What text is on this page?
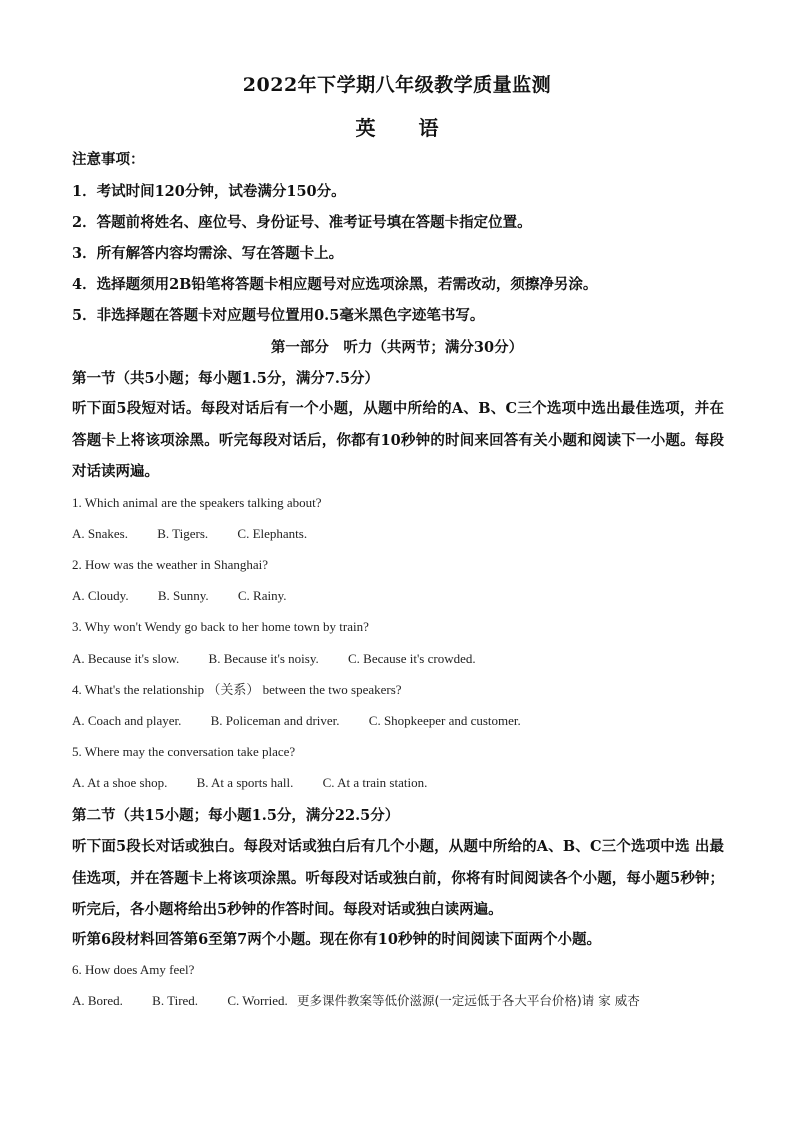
2022年下学期八年级教学质量监测
英 语
注意事项：
1．考试时间120分钟，试卷满分150分。
2．答题前将姓名、座位号、身份证号、准考证号填在答题卡指定位置。
3．所有解答内容均需涂、写在答题卡上。
4．选择题须用2B铅笔将答题卡相应题号对应选项涂黑，若需改动，须擦净另涂。
5．非选择题在答题卡对应题号位置用0.5毫米黑色字迹笔书写。
第一部分　听力（共两节；满分30分）
第一节（共5小题；每小题1.5分，满分7.5分）
听下面5段短对话。每段对话后有一个小题，从题中所给的A、B、C三个选项中选出最佳选项，并在答题卡上将该项涂黑。听完每段对话后，你都有10秒钟的时间来回答有关小题和阅读下一小题。每段对话读两遍。
1. Which animal are the speakers talking about?
A. Snakes. B. Tigers. C. Elephants.
2. How was the weather in Shanghai?
A. Cloudy. B. Sunny. C. Rainy.
3. Why won't Wendy go back to her home town by train?
A. Because it's slow. B. Because it's noisy. C. Because it's crowded.
4. What's the relationship （关系） between the two speakers?
A. Coach and player. B. Policeman and driver. C. Shopkeeper and customer.
5. Where may the conversation take place?
A. At a shoe shop. B. At a sports hall. C. At a train station.
第二节（共15小题；每小题1.5分，满分22.5分）
听下面5段长对话或独白。每段对话或独白后有几个小题，从题中所给的A、B、C三个选项中选 出最佳选项，并在答题卡上将该项涂黑。听每段对话或独白前，你将有时间阅读各个小题，每小题5秒钟；听完后，各小题将给出5秒钟的作答时间。每段对话或独白读两遍。
听第6段材料回答第6至第7两个小题。现在你有10秒钟的时间阅读下面两个小题。
6. How does Amy feel?
A. Bored. B. Tired. C. Worried. 更多课件教案等低价滋源(一定远低于各大平台价格)请 家 威杏
